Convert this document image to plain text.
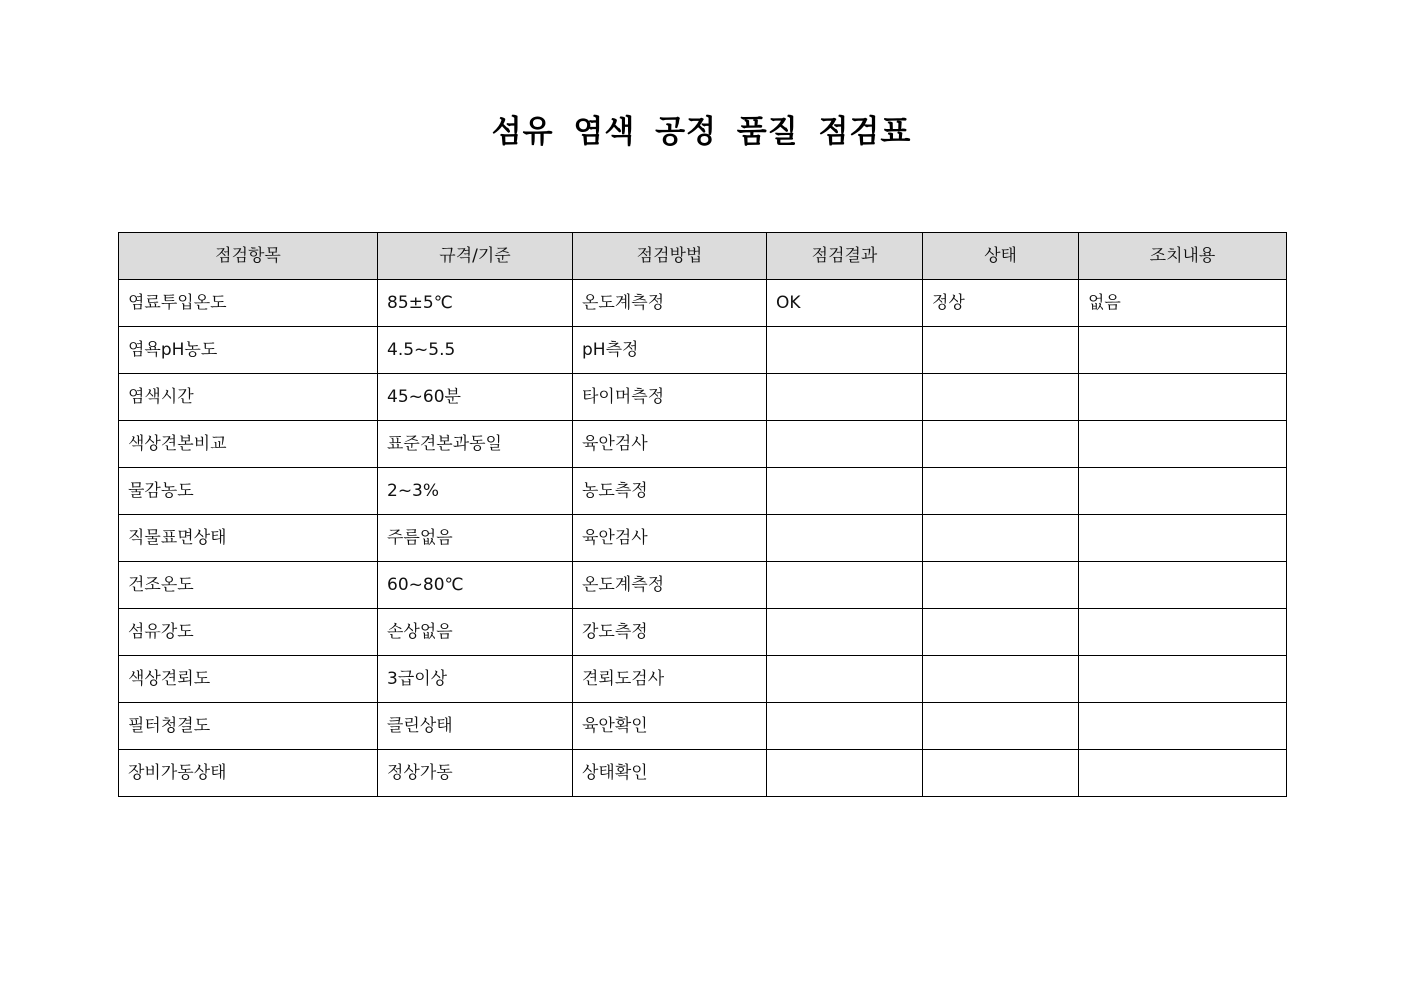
섬유 염색 공정 품질 점검표
점검항목	규격/기준	점검방법	점검결과	상태	조치내용
염료투입온도	85±5℃	온도계측정	OK	정상	없음
염욕pH농도	4.5~5.5	pH측정			
염색시간	45~60분	타이머측정			
색상견본비교	표준견본과동일	육안검사			
물감농도	2~3%	농도측정			
직물표면상태	주름없음	육안검사			
건조온도	60~80℃	온도계측정			
섬유강도	손상없음	강도측정			
색상견뢰도	3급이상	견뢰도검사			
필터청결도	클린상태	육안확인			
장비가동상태	정상가동	상태확인			
